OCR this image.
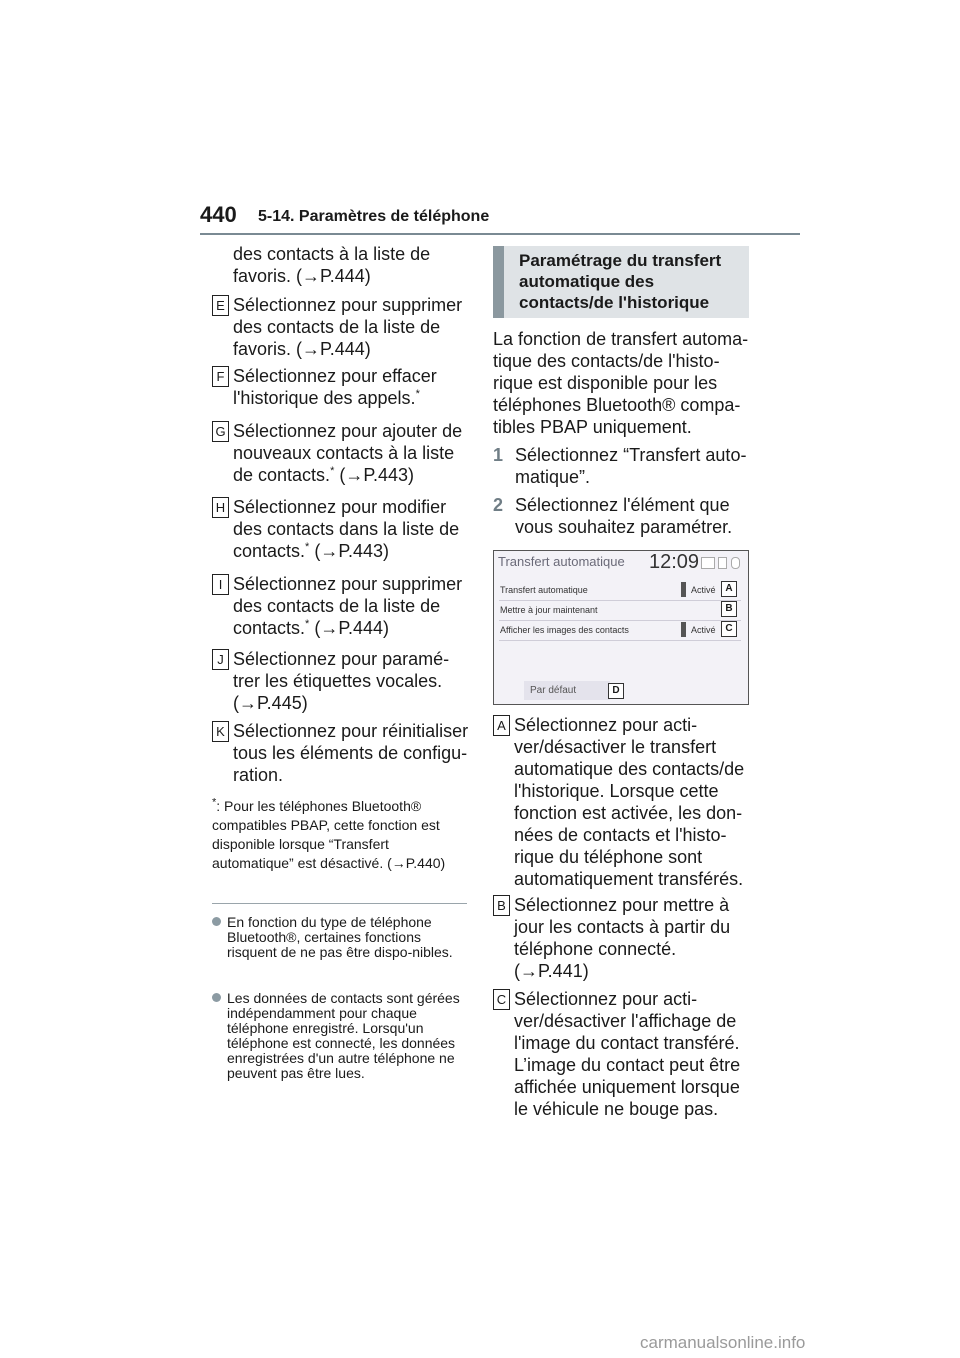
440 5-14. Paramètres de téléphone
des contacts à la liste de favoris. (→P.444)
E Sélectionnez pour supprimer des contacts de la liste de favoris. (→P.444)
F Sélectionnez pour effacer l'historique des appels.*
G Sélectionnez pour ajouter de nouveaux contacts à la liste de contacts.* (→P.443)
H Sélectionnez pour modifier des contacts dans la liste de contacts.* (→P.443)
I Sélectionnez pour supprimer des contacts de la liste de contacts.* (→P.444)
J Sélectionnez pour paramé-trer les étiquettes vocales. (→P.445)
K Sélectionnez pour réinitialiser tous les éléments de configu-ration.
*: Pour les téléphones Bluetooth® compatibles PBAP, cette fonction est disponible lorsque “Transfert automatique” est désactivé. (→P.440)
En fonction du type de téléphone Bluetooth®, certaines fonctions risquent de ne pas être dispo-nibles.
Les données de contacts sont gérées indépendamment pour chaque téléphone enregistré. Lorsqu'un téléphone est connecté, les données enregistrées d'un autre téléphone ne peuvent pas être lues.
Paramétrage du transfert automatique des contacts/de l'historique
La fonction de transfert automa-tique des contacts/de l'histo-rique est disponible pour les téléphones Bluetooth® compa-tibles PBAP uniquement.
1 Sélectionnez “Transfert auto-matique”.
2 Sélectionnez l'élément que vous souhaitez paramétrer.
Transfert automatique 12:09
Transfert automatique	Activé
Mettre à jour maintenant
Afficher les images des contacts	Activé
A
B
C
Par défaut	D
A Sélectionnez pour acti-ver/désactiver le transfert automatique des contacts/de l'historique. Lorsque cette fonction est activée, les don-nées de contacts et l'histo-rique du téléphone sont automatiquement transférés.
B Sélectionnez pour mettre à jour les contacts à partir du téléphone connecté. (→P.441)
C Sélectionnez pour acti-ver/désactiver l'affichage de l'image du contact transféré. L’image du contact peut être affichée uniquement lorsque le véhicule ne bouge pas.
carmanualsonline.info
